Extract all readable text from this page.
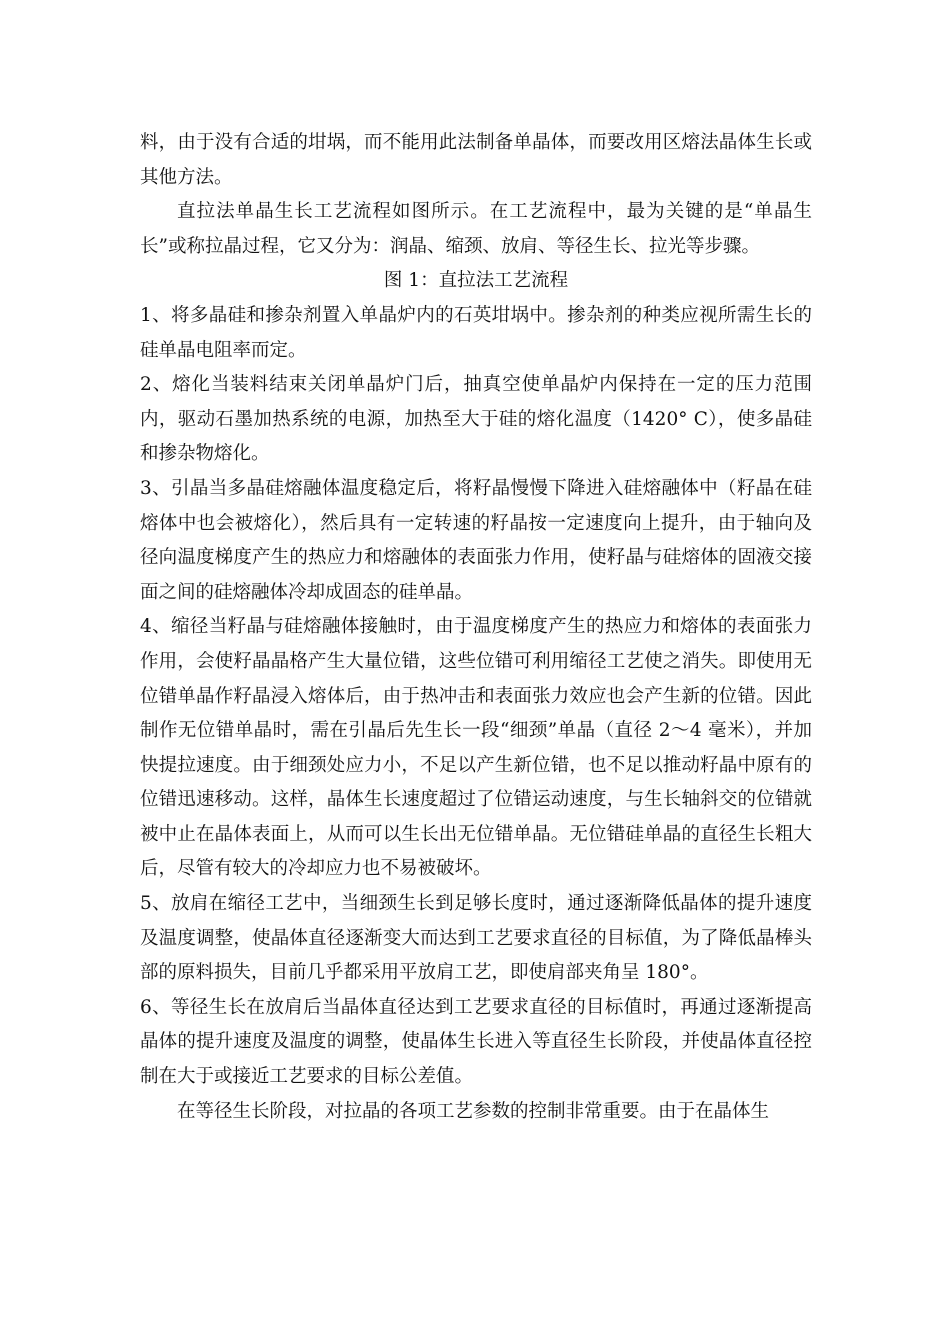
料，由于没有合适的坩埚，而不能用此法制备单晶体，而要改用区熔法晶体生长或其他方法。

直拉法单晶生长工艺流程如图所示。在工艺流程中，最为关键的是“单晶生长”或称拉晶过程，它又分为：润晶、缩颈、放肩、等径生长、拉光等步骤。

图 1：直拉法工艺流程

1、将多晶硅和掺杂剂置入单晶炉内的石英坩埚中。掺杂剂的种类应视所需生长的硅单晶电阻率而定。

2、熔化当装料结束关闭单晶炉门后，抽真空使单晶炉内保持在一定的压力范围内，驱动石墨加热系统的电源，加热至大于硅的熔化温度（1420° C），使多晶硅和掺杂物熔化。

3、引晶当多晶硅熔融体温度稳定后，将籽晶慢慢下降进入硅熔融体中（籽晶在硅熔体中也会被熔化），然后具有一定转速的籽晶按一定速度向上提升，由于轴向及径向温度梯度产生的热应力和熔融体的表面张力作用，使籽晶与硅熔体的固液交接面之间的硅熔融体冷却成固态的硅单晶。

4、缩径当籽晶与硅熔融体接触时，由于温度梯度产生的热应力和熔体的表面张力作用，会使籽晶晶格产生大量位错，这些位错可利用缩径工艺使之消失。即使用无位错单晶作籽晶浸入熔体后，由于热冲击和表面张力效应也会产生新的位错。因此制作无位错单晶时，需在引晶后先生长一段“细颈”单晶（直径 2～4 毫米），并加快提拉速度。由于细颈处应力小，不足以产生新位错，也不足以推动籽晶中原有的位错迅速移动。这样，晶体生长速度超过了位错运动速度，与生长轴斜交的位错就被中止在晶体表面上，从而可以生长出无位错单晶。无位错硅单晶的直径生长粗大后，尽管有较大的冷却应力也不易被破坏。

5、放肩在缩径工艺中，当细颈生长到足够长度时，通过逐渐降低晶体的提升速度及温度调整，使晶体直径逐渐变大而达到工艺要求直径的目标值，为了降低晶棒头部的原料损失，目前几乎都采用平放肩工艺，即使肩部夹角呈 180°。

6、等径生长在放肩后当晶体直径达到工艺要求直径的目标值时，再通过逐渐提高晶体的提升速度及温度的调整，使晶体生长进入等直径生长阶段，并使晶体直径控制在大于或接近工艺要求的目标公差值。

在等径生长阶段，对拉晶的各项工艺参数的控制非常重要。由于在晶体生
